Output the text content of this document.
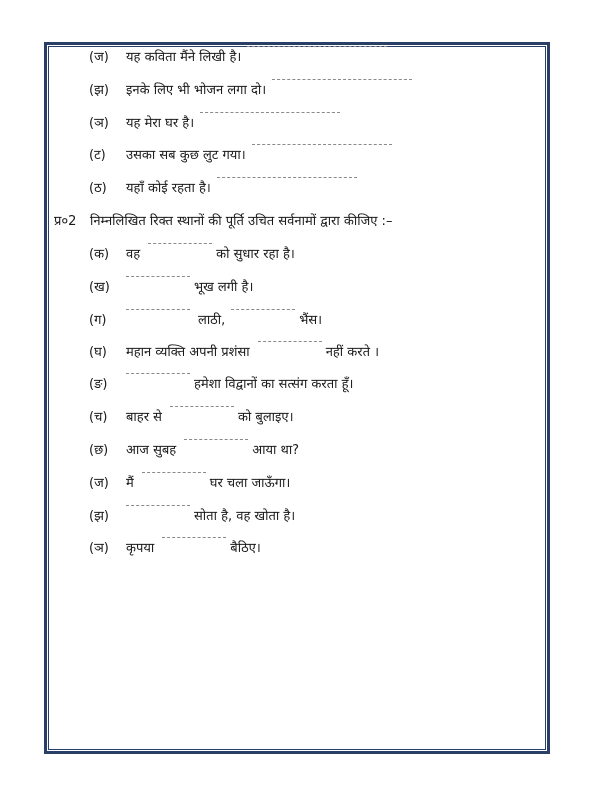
(ज)	यह कविता मैंने लिखी है।
(झ)	इनके लिए भी भोजन लगा दो।
(ञ)	यह मेरा घर है।
(ट)	उसका सब कुछ लुट गया।
(ठ)	यहाँ कोई रहता है।
प्र०2 निम्नलिखित रिक्त स्थानों की पूर्ति उचित सर्वनामों द्वारा कीजिए :–
(क)	वह	को सुधार रहा है।
(ख)	भूख लगी है।
(ग)	लाठी,	भैंस।
(घ)	महान व्यक्ति अपनी प्रशंसा	नहीं करते ।
(ङ)	हमेशा विद्वानों का सत्संग करता हूँ।
(च)	बाहर से	को बुलाइए।
(छ)	आज सुबह	आया था?
(ज)	मैं	घर चला जाऊँगा।
(झ)	सोता है, वह खोता है।
(ञ)	कृपया	बैठिए।
